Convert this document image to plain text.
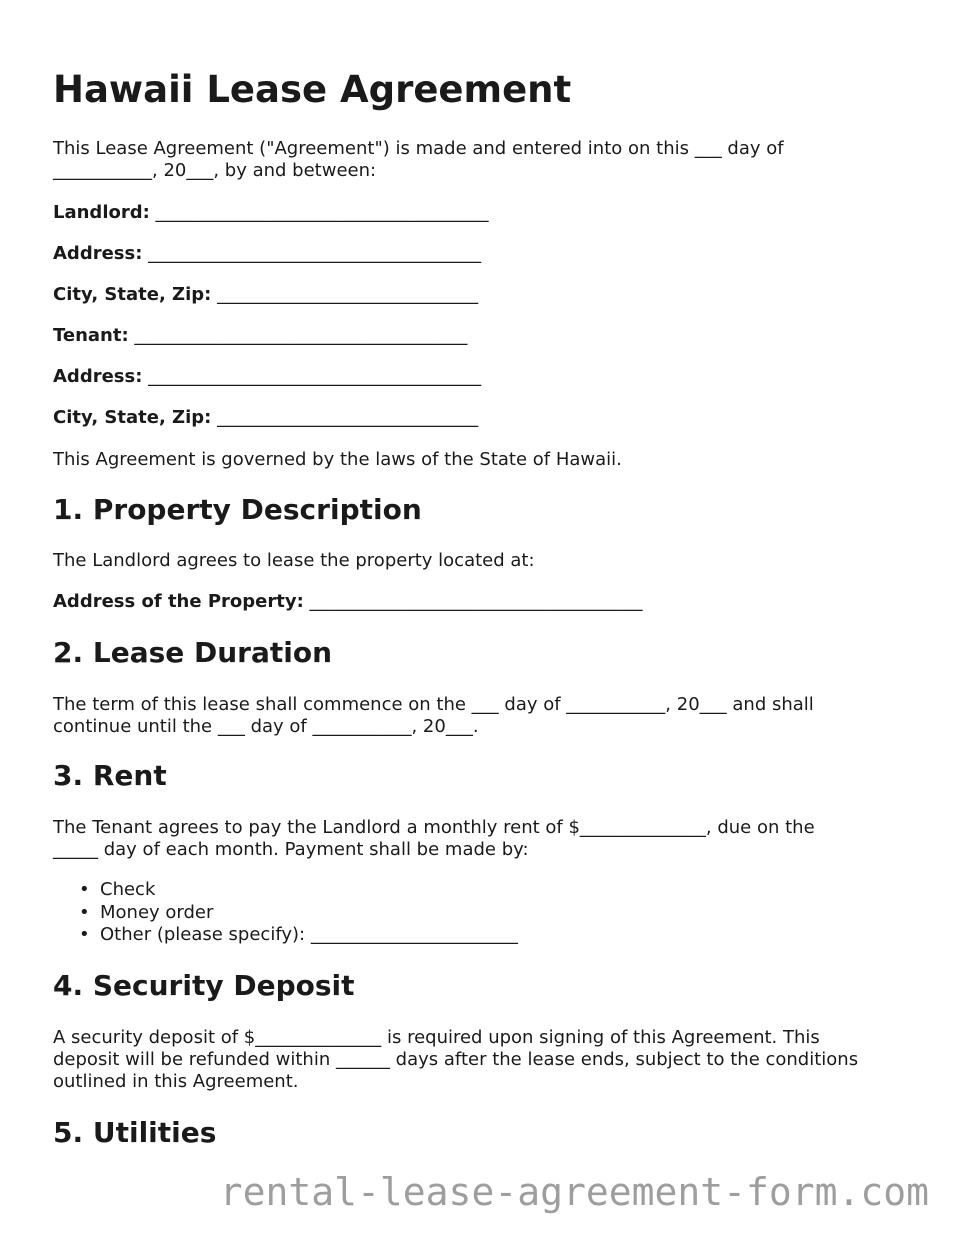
Hawaii Lease Agreement

This Lease Agreement ("Agreement") is made and entered into on this ___ day of
___________, 20___, by and between:

Landlord: _____________________________________

Address: _____________________________________

City, State, Zip: _____________________________

Tenant: _____________________________________

Address: _____________________________________

City, State, Zip: _____________________________

This Agreement is governed by the laws of the State of Hawaii.

1. Property Description

The Landlord agrees to lease the property located at:

Address of the Property: _____________________________________

2. Lease Duration

The term of this lease shall commence on the ___ day of ___________, 20___ and shall
continue until the ___ day of ___________, 20___.

3. Rent

The Tenant agrees to pay the Landlord a monthly rent of $______________, due on the
_____ day of each month. Payment shall be made by:

• Check
• Money order
• Other (please specify): _______________________
4. Security Deposit

A security deposit of $______________ is required upon signing of this Agreement. This
deposit will be refunded within ______ days after the lease ends, subject to the conditions
outlined in this Agreement.

5. Utilities

rental-lease-agreement-form.com
